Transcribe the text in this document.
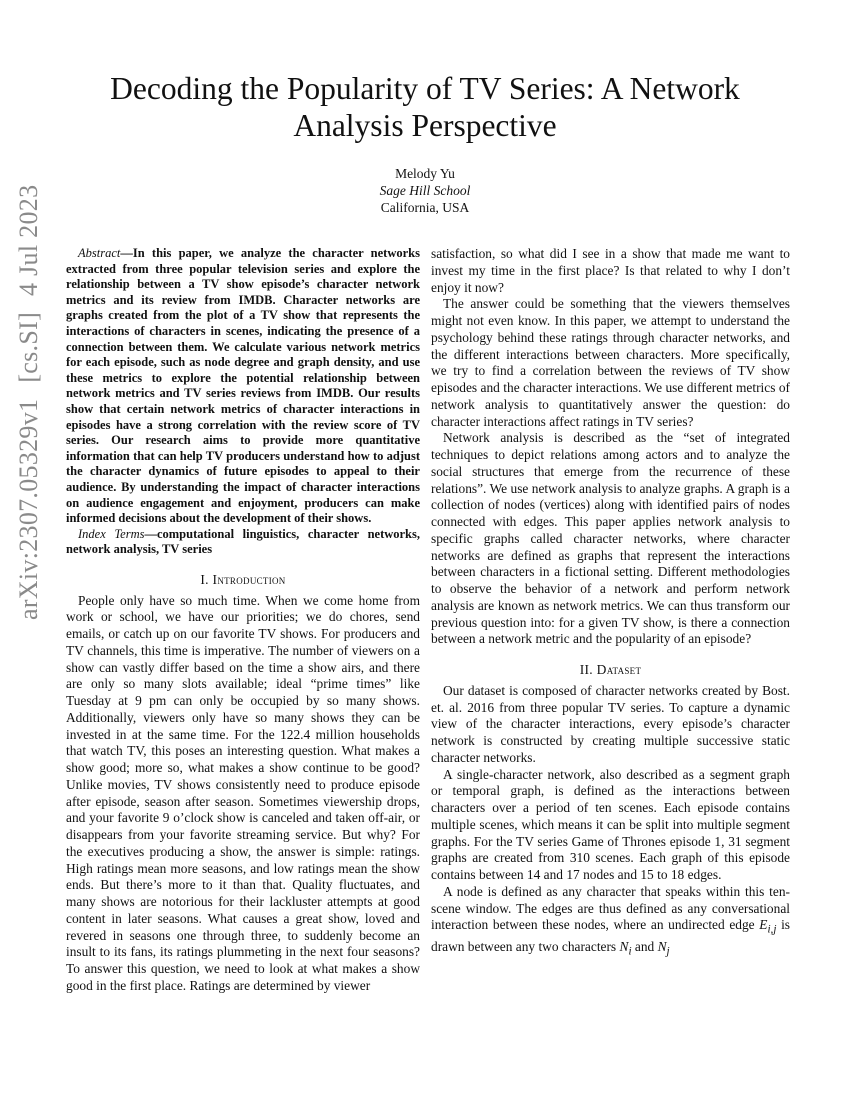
arXiv:2307.05329v1[cs.SI]4 Jul 2023
Decoding the Popularity of TV Series: A Network Analysis Perspective
Melody Yu
Sage Hill School
California, USA

Abstract—In this paper, we analyze the character networks extracted from three popular television series and explore the relationship between a TV show episode’s character network metrics and its review from IMDB. Character networks are graphs created from the plot of a TV show that represents the interactions of characters in scenes, indicating the presence of a connection between them. We calculate various network metrics for each episode, such as node degree and graph density, and use these metrics to explore the potential relationship between network metrics and TV series reviews from IMDB. Our results show that certain network metrics of character interactions in episodes have a strong correlation with the review score of TV series. Our research aims to provide more quantitative information that can help TV producers understand how to adjust the character dynamics of future episodes to appeal to their audience. By understanding the impact of character interactions on audience engagement and enjoyment, producers can make informed decisions about the development of their shows.

Index Terms—computational linguistics, character networks, network analysis, TV series

I. Introduction

People only have so much time. When we come home from work or school, we have our priorities; we do chores, send emails, or catch up on our favorite TV shows. For producers and TV channels, this time is imperative. The number of viewers on a show can vastly differ based on the time a show airs, and there are only so many slots available; ideal “prime times” like Tuesday at 9 pm can only be occupied by so many shows. Additionally, viewers only have so many shows they can be invested in at the same time. For the 122.4 million households that watch TV, this poses an interesting question. What makes a show good; more so, what makes a show continue to be good? Unlike movies, TV shows consistently need to produce episode after episode, season after season. Sometimes viewership drops, and your favorite 9 o’clock show is canceled and taken off-air, or disappears from your favorite streaming service. But why? For the executives producing a show, the answer is simple: ratings. High ratings mean more seasons, and low ratings mean the show ends. But there’s more to it than that. Quality fluctuates, and many shows are notorious for their lackluster attempts at good content in later seasons. What causes a great show, loved and revered in seasons one through three, to suddenly become an insult to its fans, its ratings plummeting in the next four seasons? To answer this question, we need to look at what makes a show good in the first place. Ratings are determined by viewer

satisfaction, so what did I see in a show that made me want to invest my time in the first place? Is that related to why I don’t enjoy it now?

The answer could be something that the viewers themselves might not even know. In this paper, we attempt to understand the psychology behind these ratings through character networks, and the different interactions between characters. More specifically, we try to find a correlation between the reviews of TV show episodes and the character interactions. We use different metrics of network analysis to quantitatively answer the question: do character interactions affect ratings in TV series?

Network analysis is described as the “set of integrated techniques to depict relations among actors and to analyze the social structures that emerge from the recurrence of these relations”. We use network analysis to analyze graphs. A graph is a collection of nodes (vertices) along with identified pairs of nodes connected with edges. This paper applies network analysis to specific graphs called character networks, where character networks are defined as graphs that represent the interactions between characters in a fictional setting. Different methodologies to observe the behavior of a network and perform network analysis are known as network metrics. We can thus transform our previous question into: for a given TV show, is there a connection between a network metric and the popularity of an episode?

II. Dataset

Our dataset is composed of character networks created by Bost. et. al. 2016 from three popular TV series. To capture a dynamic view of the character interactions, every episode’s character network is constructed by creating multiple successive static character networks.

A single-character network, also described as a segment graph or temporal graph, is defined as the interactions between characters over a period of ten scenes. Each episode contains multiple scenes, which means it can be split into multiple segment graphs. For the TV series Game of Thrones episode 1, 31 segment graphs are created from 310 scenes. Each graph of this episode contains between 14 and 17 nodes and 15 to 18 edges.

A node is defined as any character that speaks within this ten-scene window. The edges are thus defined as any conversational interaction between these nodes, where an undirected edge $E_{i,j}$ is drawn between any two characters $N_i$ and $N_j$
